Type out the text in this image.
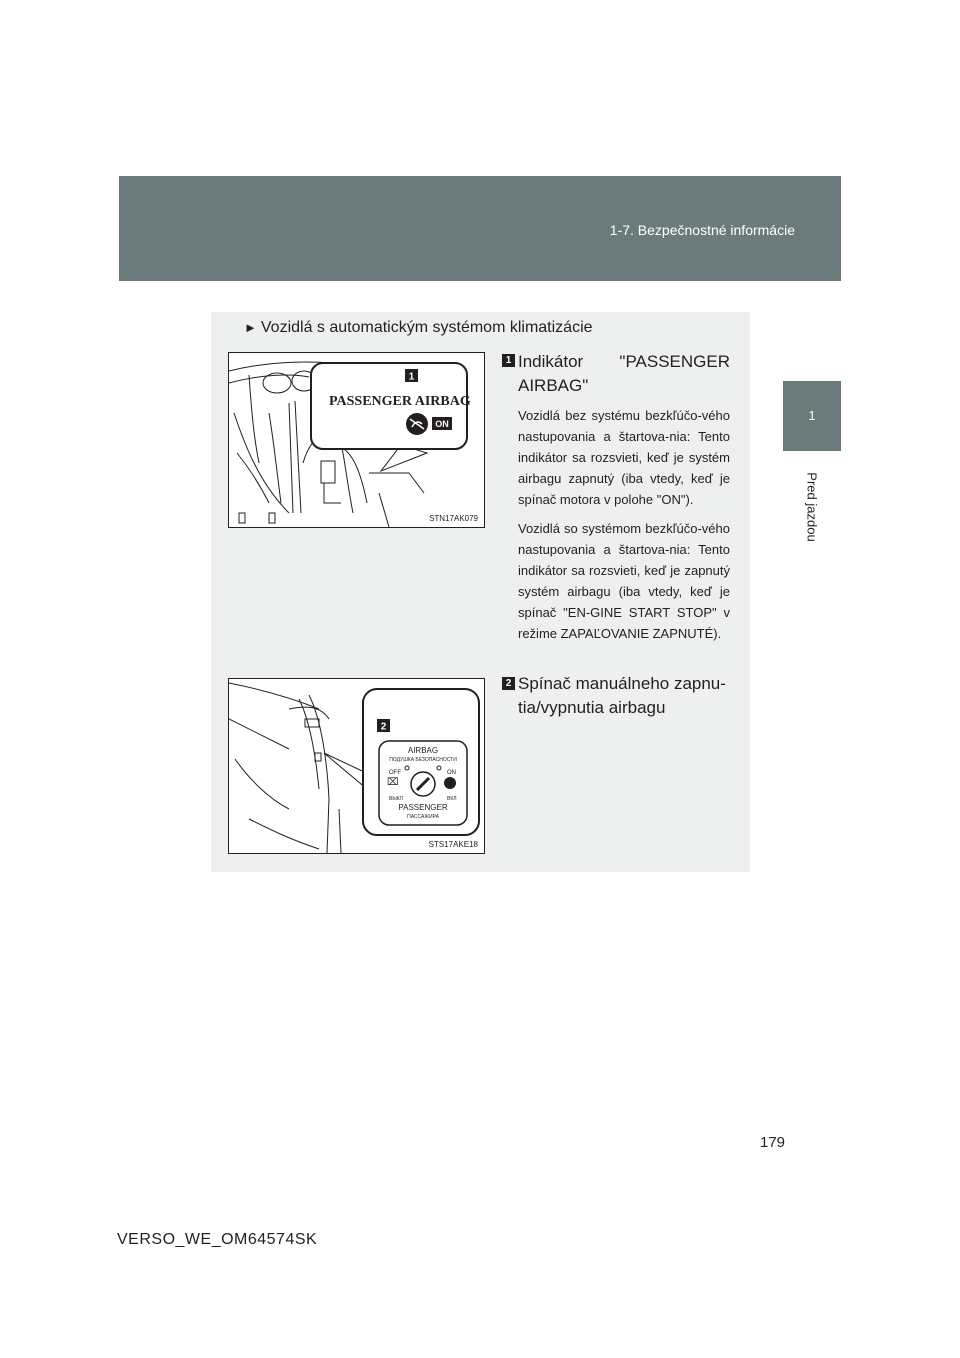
1-7. Bezpečnostné informácie
1
Pred jazdou
► Vozidlá s automatickým systémom klimatizácie
1
PASSENGER AIRBAG
ON
STN17AK079
1 Indikátor "PASSENGER
AIRBAG"
Vozidlá bez systému bezkľúčo-vého nastupovania a štartova-nia: Tento indikátor sa rozsvieti, keď je systém airbagu zapnutý (iba vtedy, keď je spínač motora v polohe "ON").
Vozidlá so systémom bezkľúčo-vého nastupovania a štartova-nia: Tento indikátor sa rozsvieti, keď je zapnutý systém airbagu (iba vtedy, keď je spínač "EN-GINE START STOP" v režime ZAPAĽOVANIE ZAPNUTÉ).
2
AIRBAG
ПОДУШКА БЕЗОПАСНОСТИ
OFF	ON
⌧
ВЫКЛ	ВКЛ
PASSENGER
ПАССАЖИРА
STS17AKE18
2 Spínač manuálneho zapnu-
tia/vypnutia airbagu
179
VERSO_WE_OM64574SK
